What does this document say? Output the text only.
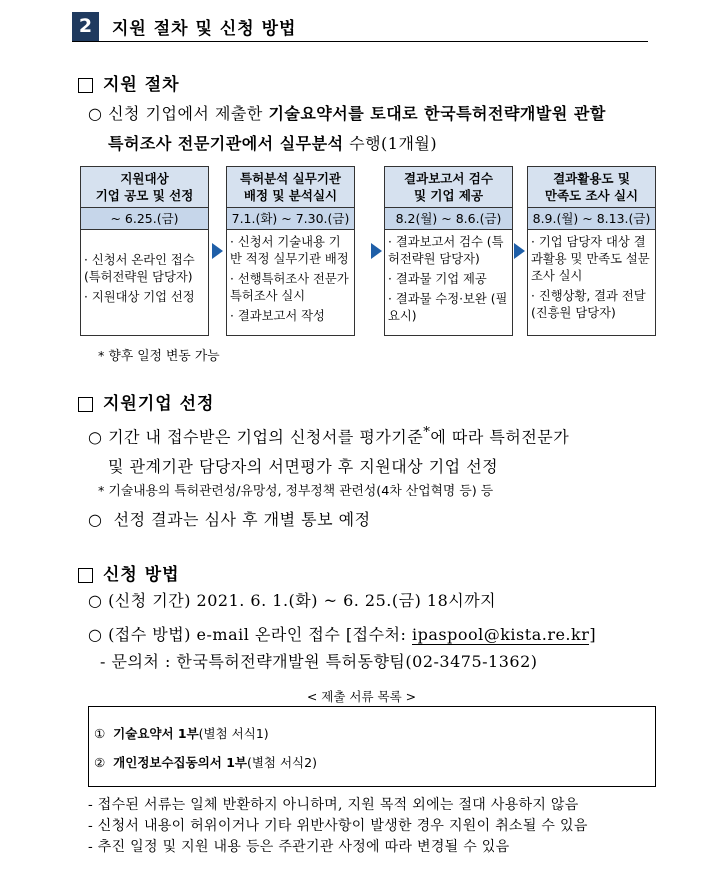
2	지원 절차 및 신청 방법
지원 절차
○ 신청 기업에서 제출한 기술요약서를 토대로 한국특허전략개발원 관할
특허조사 전문기관에서 실무분석 수행(1개월)
지원대상
기업 공모 및 선정
~ 6.25.(금)
· 신청서 온라인 접수 (특허전략원 담당자)
· 지원대상 기업 선정
특허분석 실무기관
배정 및 분석실시
7.1.(화) ~ 7.30.(금)
· 신청서 기술내용 기반 적정 실무기관 배정
· 선행특허조사 전문가 특허조사 실시
· 결과보고서 작성
결과보고서 검수
및 기업 제공
8.2(월) ~ 8.6.(금)
· 결과보고서 검수 (특허전략원 담당자)
· 결과물 기업 제공
· 결과물 수정·보완 (필요시)
결과활용도 및
만족도 조사 실시
8.9.(월) ~ 8.13.(금)
· 기업 담당자 대상 결과활용 및 만족도 설문조사 실시
· 진행상황, 결과 전달 (진흥원 담당자)
* 향후 일정 변동 가능
지원기업 선정
○ 기간 내 접수받은 기업의 신청서를 평가기준*에 따라 특허전문가
및 관계기관 담당자의 서면평가 후 지원대상 기업 선정
* 기술내용의 특허관련성/유망성, 정부정책 관련성(4차 산업혁명 등) 등
○ 선정 결과는 심사 후 개별 통보 예정
신청 방법
○ (신청 기간) 2021. 6. 1.(화) ~ 6. 25.(금) 18시까지
○ (접수 방법) e-mail 온라인 접수 [접수처: ipaspool@kista.re.kr]
- 문의처 : 한국특허전략개발원 특허동향팀(02-3475-1362)
< 제출 서류 목록 >
① 기술요약서 1부(별첨 서식1)
② 개인정보수집동의서 1부(별첨 서식2)
- 접수된 서류는 일체 반환하지 아니하며, 지원 목적 외에는 절대 사용하지 않음
- 신청서 내용이 허위이거나 기타 위반사항이 발생한 경우 지원이 취소될 수 있음
- 추진 일정 및 지원 내용 등은 주관기관 사정에 따라 변경될 수 있음
